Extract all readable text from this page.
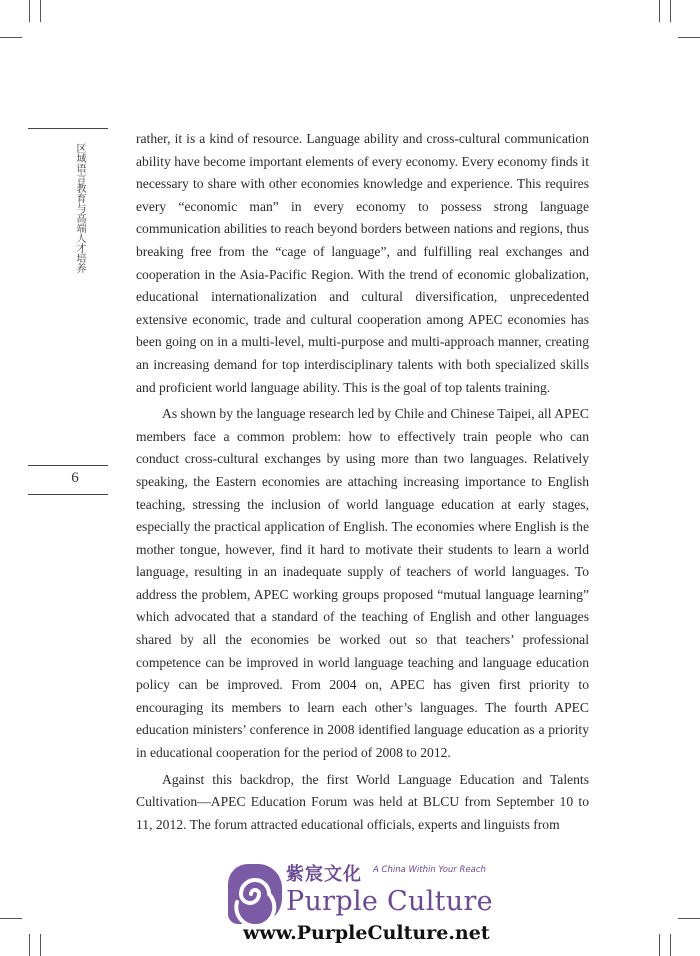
区域语言教育与高端人才培养
6

rather, it is a kind of resource. Language ability and cross-cultural communication ability have become important elements of every economy. Every economy finds it necessary to share with other economies knowledge and experience. This requires every “economic man” in every economy to possess strong language communication abilities to reach beyond borders between nations and regions, thus breaking free from the “cage of language”, and fulfilling real exchanges and cooperation in the Asia-Pacific Region. With the trend of economic globalization, educational internationalization and cultural diversification, unprecedented extensive economic, trade and cultural cooperation among APEC economies has been going on in a multi-level, multi-purpose and multi-approach manner, creating an increasing demand for top interdisciplinary talents with both specialized skills and proficient world language ability. This is the goal of top talents training.

As shown by the language research led by Chile and Chinese Taipei, all APEC members face a common problem: how to effectively train people who can conduct cross-cultural exchanges by using more than two languages. Relatively speaking, the Eastern economies are attaching increasing importance to English teaching, stressing the inclusion of world language education at early stages, especially the practical application of English. The economies where English is the mother tongue, however, find it hard to motivate their students to learn a world language, resulting in an inadequate supply of teachers of world languages. To address the problem, APEC working groups proposed “mutual language learning” which advocated that a standard of the teaching of English and other languages shared by all the economies be worked out so that teachers’ professional competence can be improved in world language teaching and language education policy can be improved. From 2004 on, APEC has given first priority to encouraging its members to learn each other’s languages. The fourth APEC education ministers’ conference in 2008 identified language education as a priority in educational cooperation for the period of 2008 to 2012.

Against this backdrop, the first World Language Education and Talents Cultivation—APEC Education Forum was held at BLCU from September 10 to 11, 2012. The forum attracted educational officials, experts and linguists from

紫宸文化 A China Within Your Reach
Purple Culture
www.PurpleCulture.net
